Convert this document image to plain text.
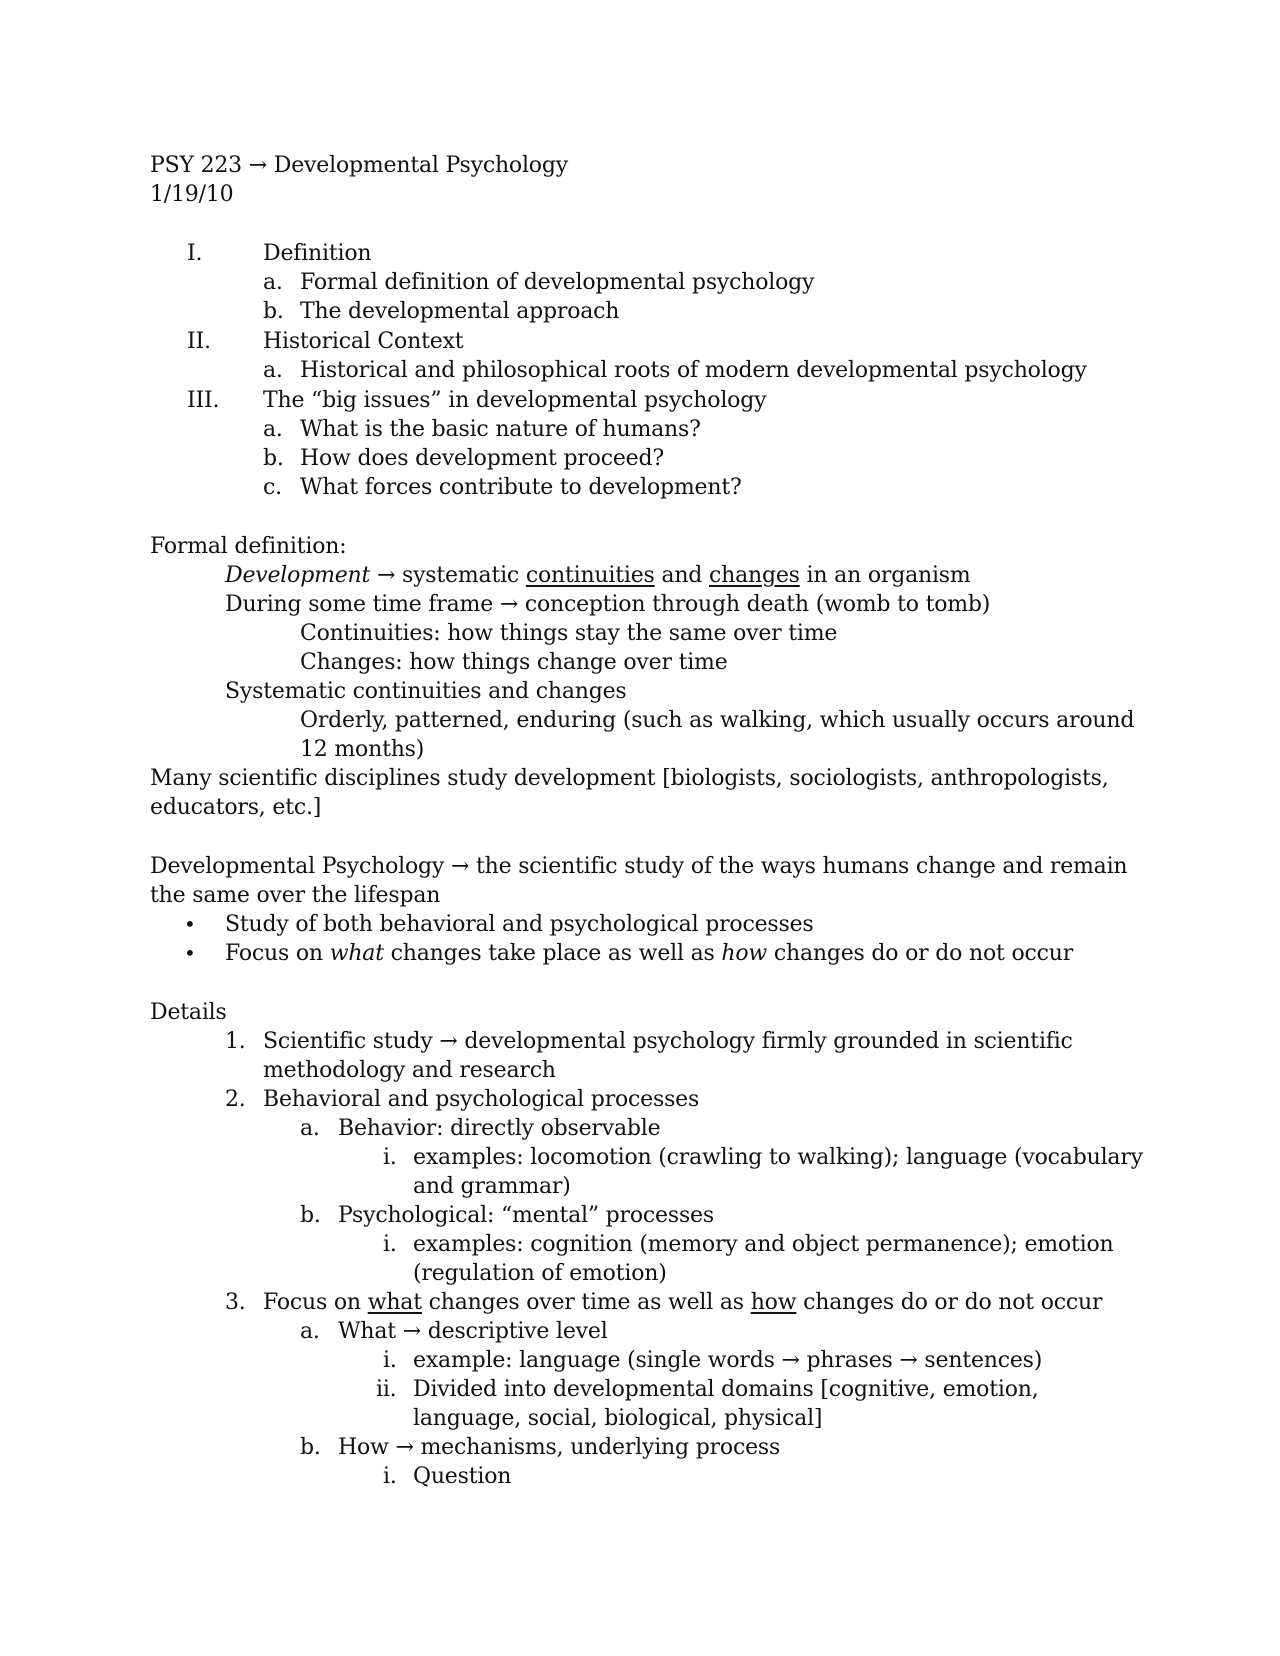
PSY 223 → Developmental Psychology
1/19/10
I.	Definition
a. Formal definition of developmental psychology
b. The developmental approach
II. Historical Context
a. Historical and philosophical roots of modern developmental psychology
III. The “big issues” in developmental psychology
a. What is the basic nature of humans?
b. How does development proceed?
c. What forces contribute to development?
Formal definition:
Development → systematic continuities and changes in an organism
During some time frame → conception through death (womb to tomb)
Continuities: how things stay the same over time
Changes: how things change over time
Systematic continuities and changes
Orderly, patterned, enduring (such as walking, which usually occurs around
12 months)
Many scientific disciplines study development [biologists, sociologists, anthropologists,
educators, etc.]
Developmental Psychology → the scientific study of the ways humans change and remain
the same over the lifespan
• Study of both behavioral and psychological processes
• Focus on what changes take place as well as how changes do or do not occur
Details
1. Scientific study → developmental psychology firmly grounded in scientific
methodology and research
2. Behavioral and psychological processes
a. Behavior: directly observable
i. examples: locomotion (crawling to walking); language (vocabulary
and grammar)
b. Psychological: “mental” processes
i. examples: cognition (memory and object permanence); emotion
(regulation of emotion)
3. Focus on what changes over time as well as how changes do or do not occur
a. What → descriptive level
i. example: language (single words → phrases → sentences)
ii. Divided into developmental domains [cognitive, emotion,
language, social, biological, physical]
b. How → mechanisms, underlying process
i. Question
